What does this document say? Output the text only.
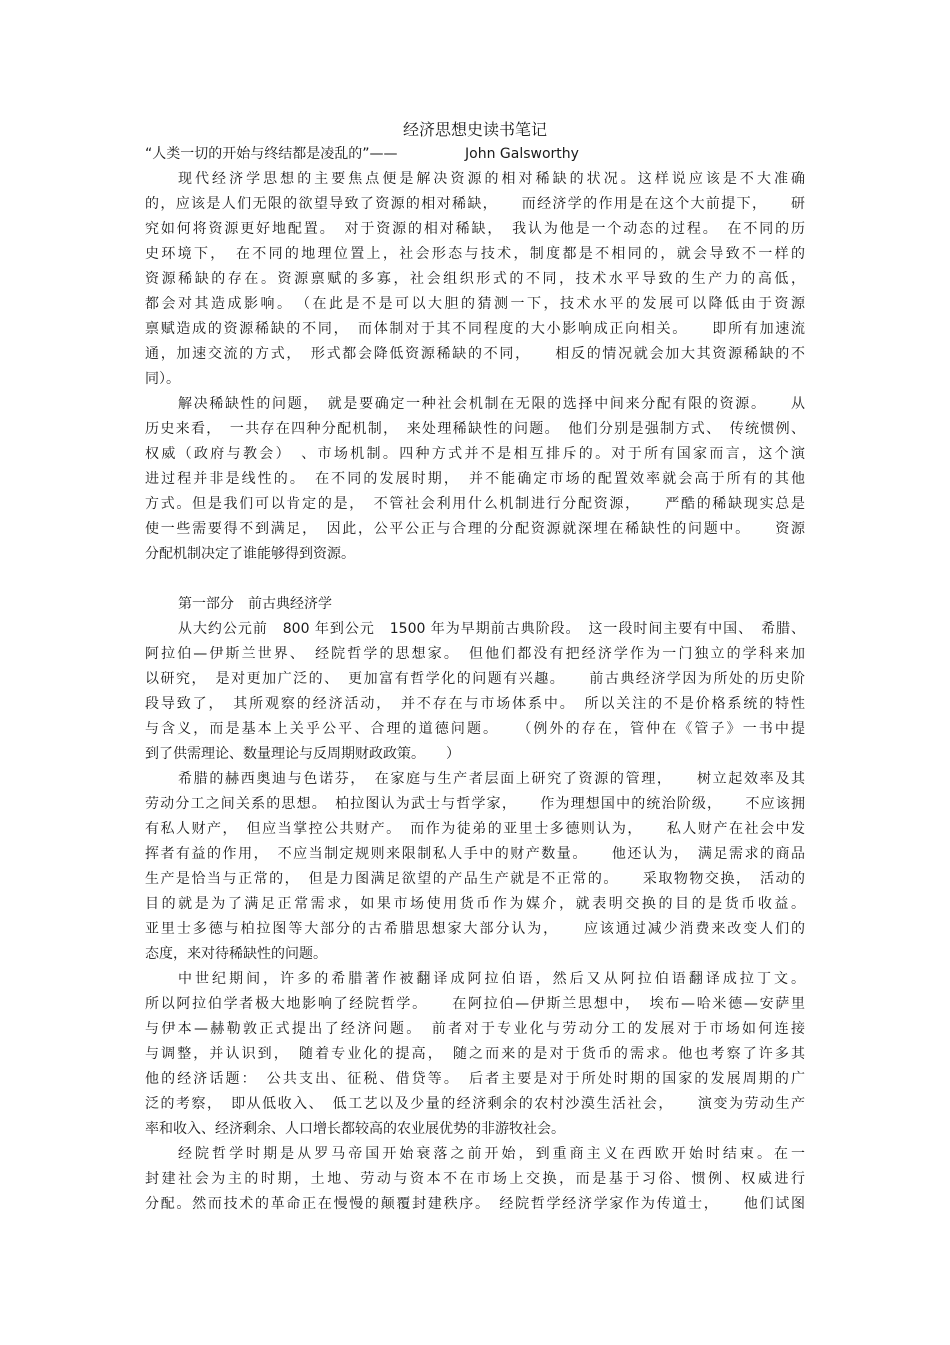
经济思想史读书笔记
“人类一切的开始与终结都是凌乱的”——	John Galsworthy
现代经济学思想的主要焦点便是解决资源的相对稀缺的状况。这样说应该是不大准确
的，应该是人们无限的欲望导致了资源的相对稀缺，　　而经济学的作用是在这个大前提下，　　研
究如何将资源更好地配置。　对于资源的相对稀缺，　我认为他是一个动态的过程。　在不同的历
史环境下，　在不同的地理位置上，社会形态与技术，制度都是不相同的，就会导致不一样的
资源稀缺的存在。资源禀赋的多寡，社会组织形式的不同，技术水平导致的生产力的高低，
都会对其造成影响。　（在此是不是可以大胆的猜测一下，技术水平的发展可以降低由于资源
禀赋造成的资源稀缺的不同，　而体制对于其不同程度的大小影响成正向相关。　　即所有加速流
通，加速交流的方式，　形式都会降低资源稀缺的不同，　　相反的情况就会加大其资源稀缺的不
同）。
解决稀缺性的问题，　就是要确定一种社会机制在无限的选择中间来分配有限的资源。　　从
历史来看，　一共存在四种分配机制，　来处理稀缺性的问题。　他们分别是强制方式、　传统惯例、
权威（政府与教会）　、市场机制。四种方式并不是相互排斥的。对于所有国家而言，这个演
进过程并非是线性的。　在不同的发展时期，　并不能确定市场的配置效率就会高于所有的其他
方式。但是我们可以肯定的是，　不管社会利用什么机制进行分配资源，　　严酷的稀缺现实总是
使一些需要得不到满足，　因此，公平公正与合理的分配资源就深埋在稀缺性的问题中。　　资源
分配机制决定了谁能够得到资源。
第一部分　前古典经济学
从大约公元前　800 年到公元　1500 年为早期前古典阶段。　这一段时间主要有中国、　希腊、
阿拉伯—伊斯兰世界、　经院哲学的思想家。　但他们都没有把经济学作为一门独立的学科来加
以研究，　是对更加广泛的、　更加富有哲学化的问题有兴趣。　　前古典经济学因为所处的历史阶
段导致了，　其所观察的经济活动，　并不存在与市场体系中。　所以关注的不是价格系统的特性
与含义，而是基本上关乎公平、合理的道德问题。　　（例外的存在，管仲在《管子》一书中提
到了供需理论、数量理论与反周期财政政策。　　）
希腊的赫西奥迪与色诺芬，　在家庭与生产者层面上研究了资源的管理，　　树立起效率及其
劳动分工之间关系的思想。　柏拉图认为武士与哲学家，　　作为理想国中的统治阶级，　　不应该拥
有私人财产，　但应当掌控公共财产。　而作为徒弟的亚里士多德则认为，　　私人财产在社会中发
挥者有益的作用，　不应当制定规则来限制私人手中的财产数量。　　他还认为，　满足需求的商品
生产是恰当与正常的，　但是力图满足欲望的产品生产就是不正常的。　　采取物物交换，　活动的
目的就是为了满足正常需求，如果市场使用货币作为媒介，就表明交换的目的是货币收益。
亚里士多德与柏拉图等大部分的古希腊思想家大部分认为，　　应该通过减少消费来改变人们的
态度，来对待稀缺性的问题。
中世纪期间，许多的希腊著作被翻译成阿拉伯语，然后又从阿拉伯语翻译成拉丁文。
所以阿拉伯学者极大地影响了经院哲学。　　在阿拉伯—伊斯兰思想中，　埃布—哈米德—安萨里
与伊本—赫勒敦正式提出了经济问题。　前者对于专业化与劳动分工的发展对于市场如何连接
与调整，并认识到，　随着专业化的提高，　随之而来的是对于货币的需求。他也考察了许多其
他的经济话题：　公共支出、征税、借贷等。　后者主要是对于所处时期的国家的发展周期的广
泛的考察，　即从低收入、　低工艺以及少量的经济剩余的农村沙漠生活社会，　　演变为劳动生产
率和收入、经济剩余、人口增长都较高的农业展优势的非游牧社会。
经院哲学时期是从罗马帝国开始衰落之前开始，到重商主义在西欧开始时结束。在一
封建社会为主的时期，土地、劳动与资本不在市场上交换，而是基于习俗、惯例、权威进行
分配。然而技术的革命正在慢慢的颠覆封建秩序。　经院哲学经济学家作为传道士，　　他们试图
